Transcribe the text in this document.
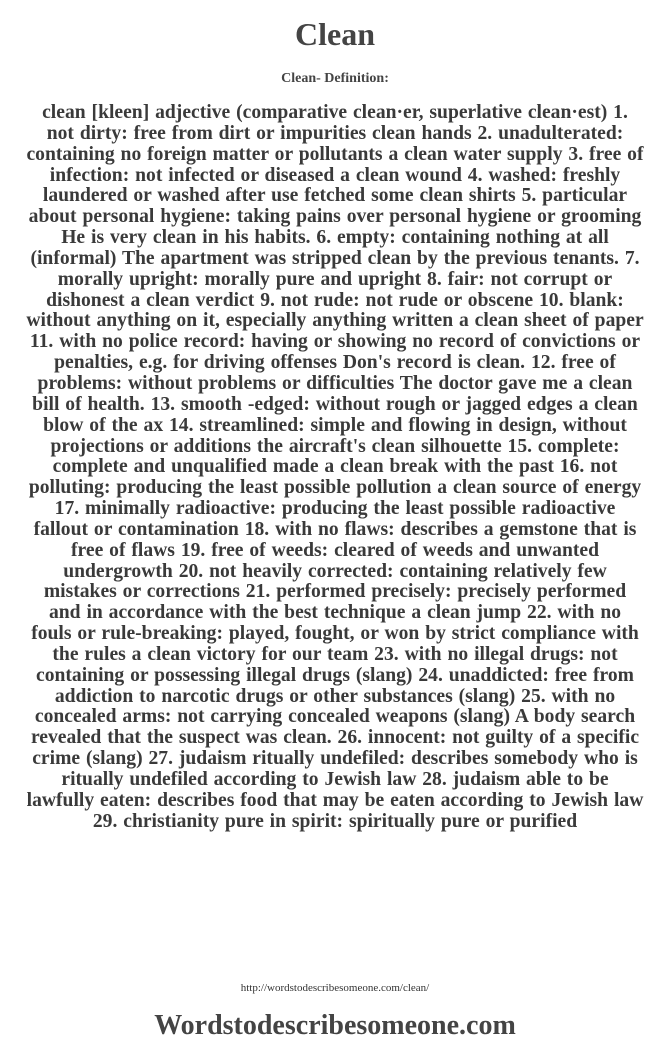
Clean
Clean- Definition:
clean [kleen] adjective (comparative clean·er, superlative clean·est) 1. not dirty: free from dirt or impurities clean hands 2. unadulterated: containing no foreign matter or pollutants a clean water supply 3. free of infection: not infected or diseased a clean wound 4. washed: freshly laundered or washed after use fetched some clean shirts 5. particular about personal hygiene: taking pains over personal hygiene or grooming He is very clean in his habits. 6. empty: containing nothing at all (informal) The apartment was stripped clean by the previous tenants. 7. morally upright: morally pure and upright 8. fair: not corrupt or dishonest a clean verdict 9. not rude: not rude or obscene 10. blank: without anything on it, especially anything written a clean sheet of paper 11. with no police record: having or showing no record of convictions or penalties, e.g. for driving offenses Don's record is clean. 12. free of problems: without problems or difficulties The doctor gave me a clean bill of health. 13. smooth -edged: without rough or jagged edges a clean blow of the ax 14. streamlined: simple and flowing in design, without projections or additions the aircraft's clean silhouette 15. complete: complete and unqualified made a clean break with the past 16. not polluting: producing the least possible pollution a clean source of energy 17. minimally radioactive: producing the least possible radioactive fallout or contamination 18. with no flaws: describes a gemstone that is free of flaws 19. free of weeds: cleared of weeds and unwanted undergrowth 20. not heavily corrected: containing relatively few mistakes or corrections 21. performed precisely: precisely performed and in accordance with the best technique a clean jump 22. with no fouls or rule-breaking: played, fought, or won by strict compliance with the rules a clean victory for our team 23. with no illegal drugs: not containing or possessing illegal drugs (slang) 24. unaddicted: free from addiction to narcotic drugs or other substances (slang) 25. with no concealed arms: not carrying concealed weapons (slang) A body search revealed that the suspect was clean. 26. innocent: not guilty of a specific crime (slang) 27. judaism ritually undefiled: describes somebody who is ritually undefiled according to Jewish law 28. judaism able to be lawfully eaten: describes food that may be eaten according to Jewish law 29. christianity pure in spirit: spiritually pure or purified
http://wordstodescribesomeone.com/clean/
Wordstodescribesomeone.com
